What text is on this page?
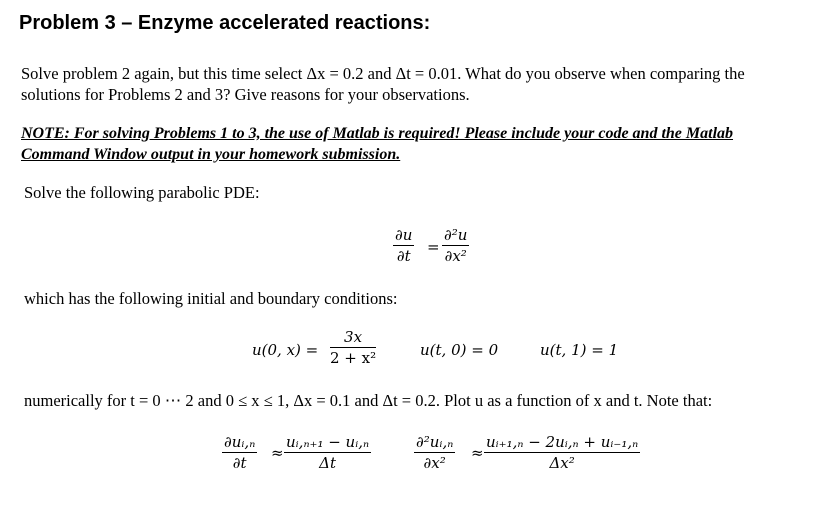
Problem 3 – Enzyme accelerated reactions:
Solve problem 2 again, but this time select Δx = 0.2 and Δt = 0.01. What do you observe when comparing the
solutions for Problems 2 and 3? Give reasons for your observations.
NOTE: For solving Problems 1 to 3, the use of Matlab is required! Please include your code and the Matlab
Command Window output in your homework submission.
Solve the following parabolic PDE:
$\frac{\partial u}{\partial t} = \frac{\text{∂²u}}{\text{∂x²}}$
which has the following initial and boundary conditions:
u(0, $x) = \frac{3x}{\text{2 + x²}}$	u(t, 0) = 0	u(t, 1) = 1
numerically for t = 0 ⋯ 2 and 0 ≤ x ≤ 1, Δx = 0.1 and Δt = 0.2. Plot u as a function of x and t. Note that:
$\frac{\text{∂uᵢ,ₙ}}{\partial t} \approx \frac{\text{uᵢ,ₙ₊₁ − uᵢ,ₙ}}{\Delta t}$	$\frac{\text{∂²uᵢ,ₙ}}{\text{∂x²}} \approx \frac{\text{uᵢ₊₁,ₙ − 2uᵢ,ₙ + uᵢ₋₁,ₙ}}{\text{Δx²}}$
